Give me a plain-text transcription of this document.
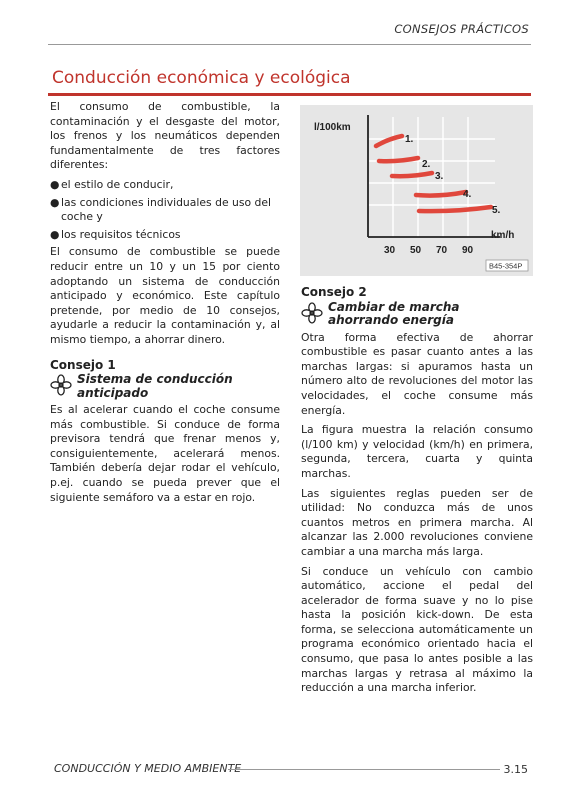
CONSEJOS PRÁCTICOS
Conducción económica y ecológica

El consumo de combustible, la contaminación y el desgaste del motor, los frenos y los neumáticos dependen fundamentalmente de tres factores diferentes:

● el estilo de conducir,
● las condiciones individuales de uso del coche y
● los requisitos técnicos

El consumo de combustible se puede reducir entre un 10 y un 15 por ciento adoptando un sistema de conducción anticipado y económico. Este capítulo pretende, por medio de 10 consejos, ayudarle a reducir la contaminación y, al mismo tiempo, a ahorrar dinero.

Consejo 1
Sistema de conducción anticipado

Es al acelerar cuando el coche consume más combustible. Si conduce de forma previsora tendrá que frenar menos y, consiguientemente, acelerará menos. También debería dejar rodar el vehículo, p.ej. cuando se pueda prever que el siguiente semáforo va a estar en rojo.

l/100km
1.
2.
3.
4.
5.
km/h
30 50 70 90
B45-354P
Consejo 2
Cambiar de marcha ahorrando energía

Otra forma efectiva de ahorrar combustible es pasar cuanto antes a las marchas largas: si apuramos hasta un número alto de revoluciones del motor las velocidades, el coche consume más energía.

La figura muestra la relación consumo (l/100 km) y velocidad (km/h) en primera, segunda, tercera, cuarta y quinta marchas.

Las siguientes reglas pueden ser de utilidad: No conduzca más de unos cuantos metros en primera marcha. Al alcanzar las 2.000 revoluciones conviene cambiar a una marcha más larga.

Si conduce un vehículo con cambio automático, accione el pedal del acelerador de forma suave y no lo pise hasta la posición kick-down. De esta forma, se selecciona automáticamente un programa económico orientado hacia el consumo, que pasa lo antes posible a las marchas largas y retrasa al máximo la reducción a una marcha inferior.

CONDUCCIÓN Y MEDIO AMBIENTE	3.15
